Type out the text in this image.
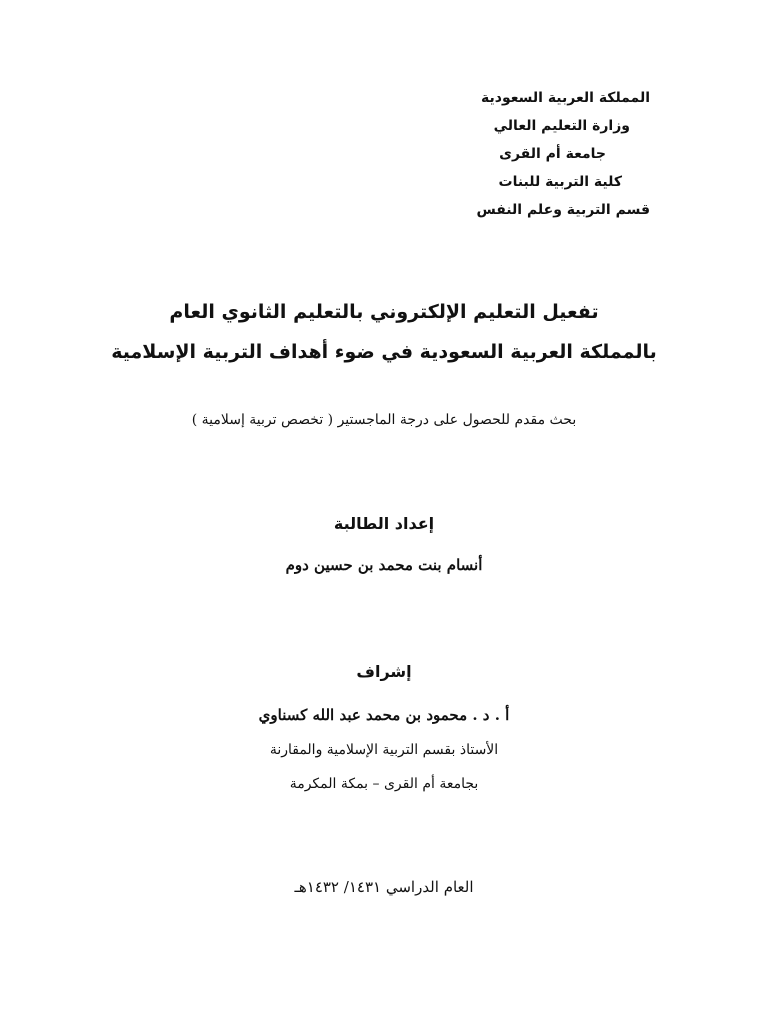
المملكة العربية السعودية
وزارة التعليم العالي
جامعة أم القرى
كلية التربية للبنات
قسم التربية وعلم النفس
تفعيل التعليم الإلكتروني بالتعليم الثانوي العام
بالمملكة العربية السعودية في ضوء أهداف التربية الإسلامية
بحث مقدم للحصول على درجة الماجستير ( تخصص تربية إسلامية )
إعداد الطالبة
أنسام بنت محمد بن حسين دوم
إشراف
أ . د . محمود بن محمد عبد الله كسناوي
الأستاذ بقسم التربية الإسلامية والمقارنة
بجامعة أم القرى – بمكة المكرمة
العام الدراسي ١٤٣١/ ١٤٣٢هـ
